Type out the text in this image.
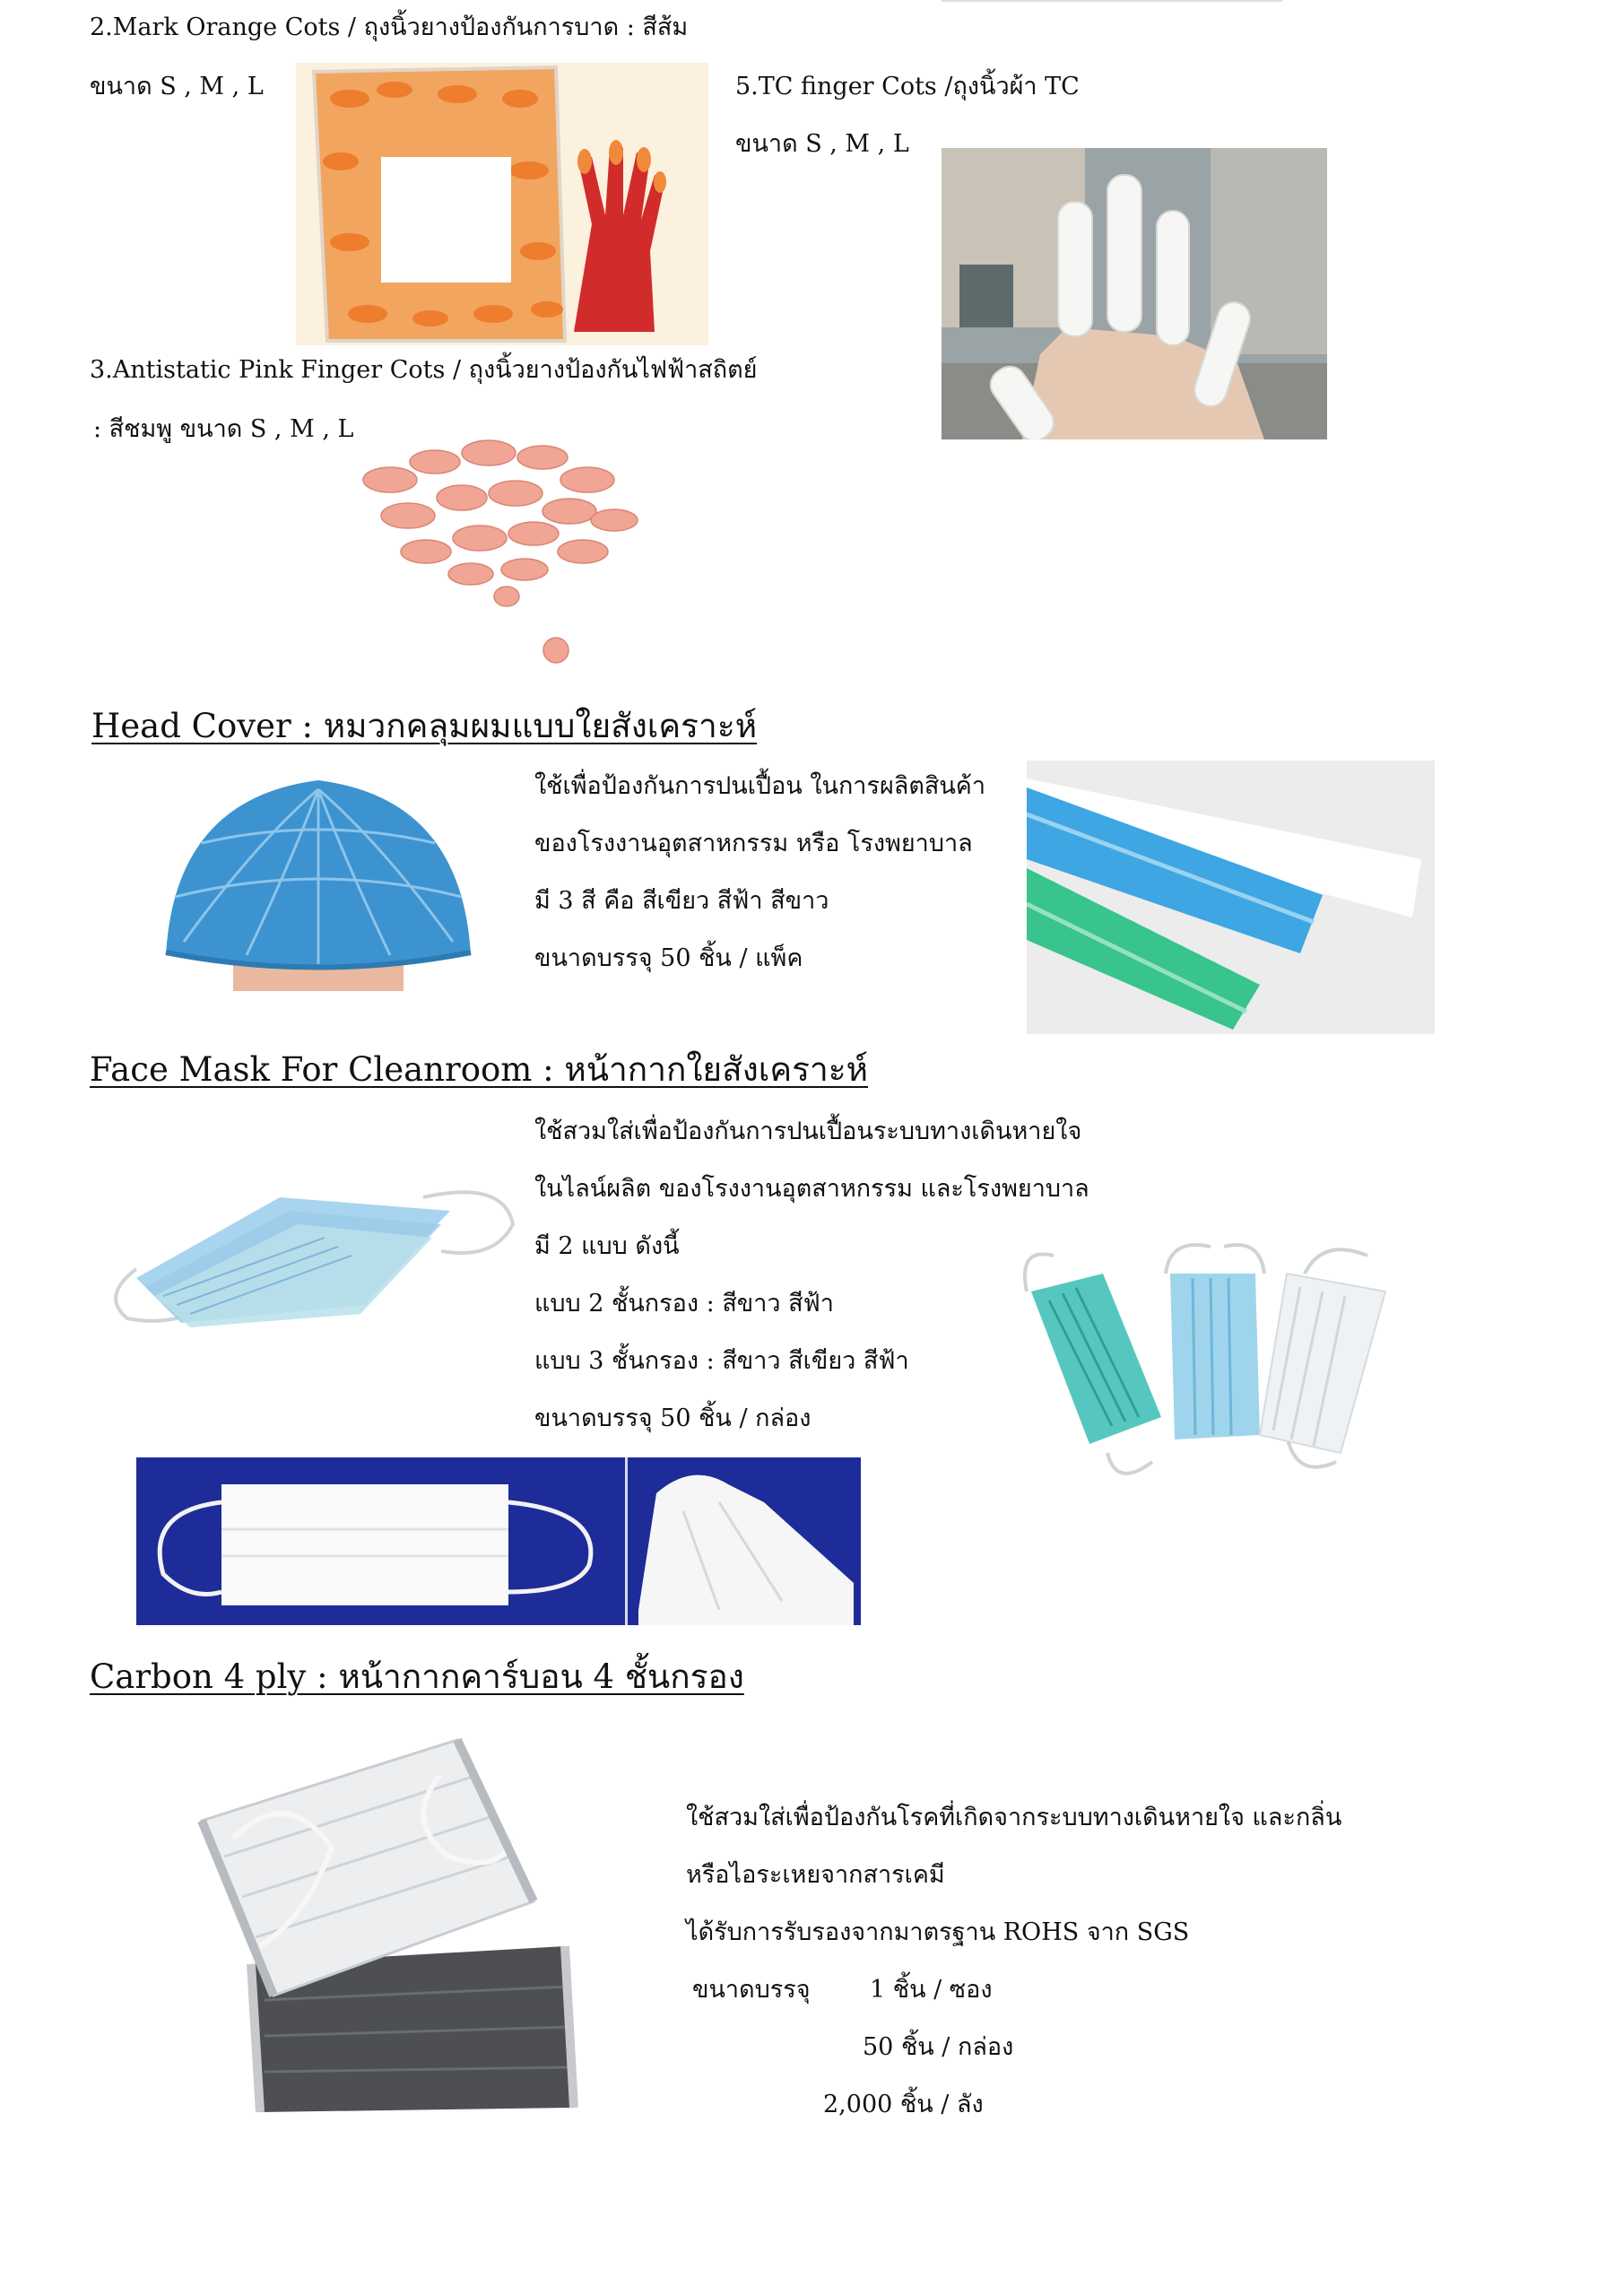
2.Mark Orange Cots / ถุงนิ้วยางป้องกันการบาด : สีส้ม
ขนาด S , M , L	5.TC finger Cots /ถุงนิ้วผ้า TC
ขนาด S , M , L
3.Antistatic Pink Finger Cots / ถุงนิ้วยางป้องกันไฟฟ้าสถิตย์
: สีชมพู ขนาด S , M , L
Head Cover : หมวกคลุมผมแบบใยสังเคราะห์
ใช้เพื่อป้องกันการปนเปื้อน ในการผลิตสินค้า
ของโรงงานอุตสาหกรรม หรือ โรงพยาบาล
มี 3 สี คือ สีเขียว สีฟ้า สีขาว
ขนาดบรรจุ 50 ชิ้น / แพ็ค
Face Mask For Cleanroom : หน้ากากใยสังเคราะห์
ใช้สวมใส่เพื่อป้องกันการปนเปื้อนระบบทางเดินหายใจ
ในไลน์ผลิต ของโรงงานอุตสาหกรรม และโรงพยาบาล
มี 2 แบบ ดังนี้
แบบ 2 ชั้นกรอง : สีขาว สีฟ้า
แบบ 3 ชั้นกรอง : สีขาว สีเขียว สีฟ้า
ขนาดบรรจุ 50 ชิ้น / กล่อง
Carbon 4 ply : หน้ากากคาร์บอน 4 ชั้นกรอง
ใช้สวมใส่เพื่อป้องกันโรคที่เกิดจากระบบทางเดินหายใจ และกลิ่น
หรือไอระเหยจากสารเคมี
ได้รับการรับรองจากมาตรฐาน ROHS จาก SGS
ขนาดบรรจุ 1 ชิ้น / ซอง
50 ชิ้น / กล่อง
2,000 ชิ้น / ลัง
